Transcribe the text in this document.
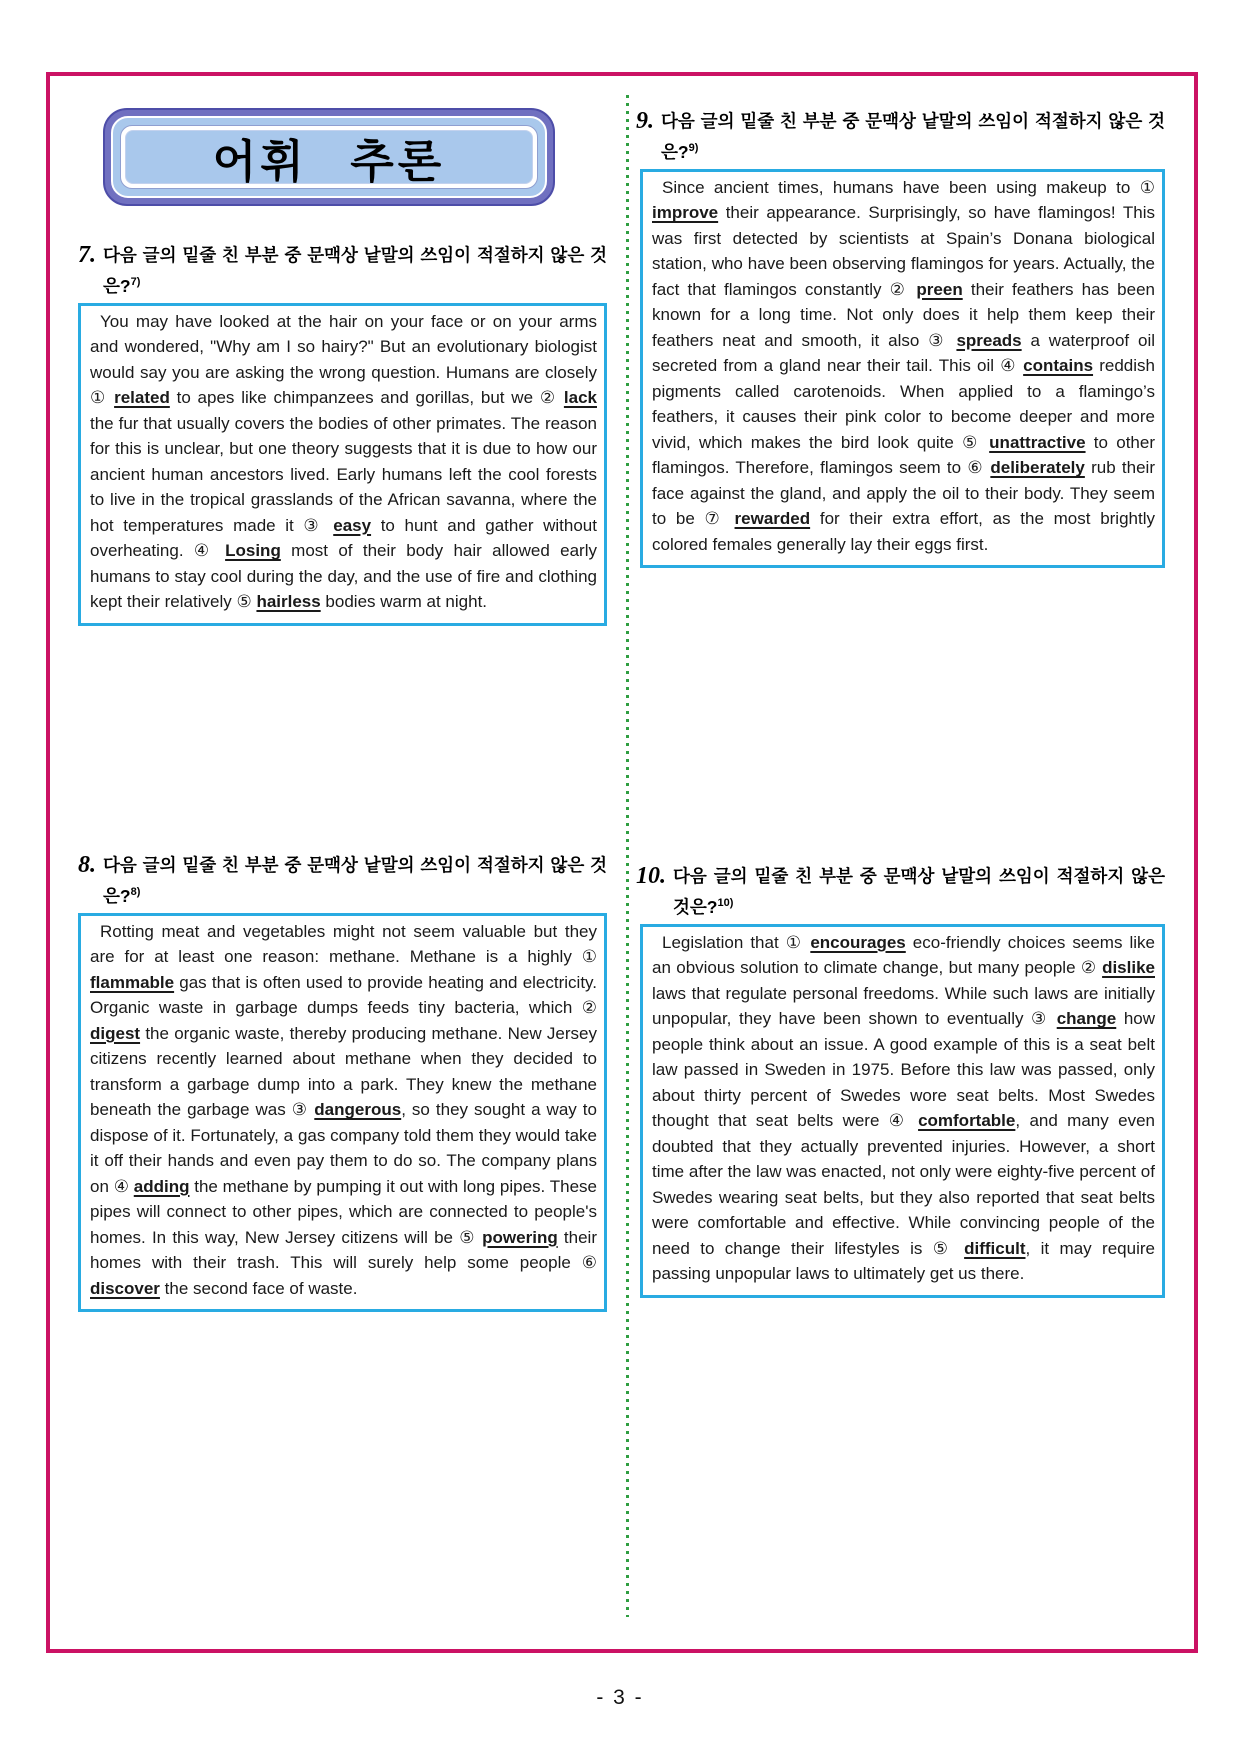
어휘 추론
7. 다음 글의 밑줄 친 부분 중 문맥상 낱말의 쓰임이 적절하지 않은 것은?$^{7)}$

You may have looked at the hair on your face or on your arms and wondered, "Why am I so hairy?" But an evolutionary biologist would say you are asking the wrong question. Humans are closely ① related to apes like chimpanzees and gorillas, but we ② lack the fur that usually covers the bodies of other primates. The reason for this is unclear, but one theory suggests that it is due to how our ancient human ancestors lived. Early humans left the cool forests to live in the tropical grasslands of the African savanna, where the hot temperatures made it ③ easy to hunt and gather without overheating. ④ Losing most of their body hair allowed early humans to stay cool during the day, and the use of fire and clothing kept their relatively ⑤ hairless bodies warm at night.

8. 다음 글의 밑줄 친 부분 중 문맥상 낱말의 쓰임이 적절하지 않은 것은?$^{8)}$

Rotting meat and vegetables might not seem valuable but they are for at least one reason: methane. Methane is a highly ① flammable gas that is often used to provide heating and electricity. Organic waste in garbage dumps feeds tiny bacteria, which ② digest the organic waste, thereby producing methane. New Jersey citizens recently learned about methane when they decided to transform a garbage dump into a park. They knew the methane beneath the garbage was ③ dangerous, so they sought a way to dispose of it. Fortunately, a gas company told them they would take it off their hands and even pay them to do so. The company plans on ④ adding the methane by pumping it out with long pipes. These pipes will connect to other pipes, which are connected to people's homes. In this way, New Jersey citizens will be ⑤ powering their homes with their trash. This will surely help some people ⑥ discover the second face of waste.

9. 다음 글의 밑줄 친 부분 중 문맥상 낱말의 쓰임이 적절하지 않은 것은?$^{9)}$

Since ancient times, humans have been using makeup to ① improve their appearance. Surprisingly, so have flamingos! This was first detected by scientists at Spain’s Donana biological station, who have been observing flamingos for years. Actually, the fact that flamingos constantly ② preen their feathers has been known for a long time. Not only does it help them keep their feathers neat and smooth, it also ③ spreads a waterproof oil secreted from a gland near their tail. This oil ④ contains reddish pigments called carotenoids. When applied to a flamingo’s feathers, it causes their pink color to become deeper and more vivid, which makes the bird look quite ⑤ unattractive to other flamingos. Therefore, flamingos seem to ⑥ deliberately rub their face against the gland, and apply the oil to their body. They seem to be ⑦ rewarded for their extra effort, as the most brightly colored females generally lay their eggs first.

10. 다음 글의 밑줄 친 부분 중 문맥상 낱말의 쓰임이 적절하지 않은 것은?$^{10)}$

Legislation that ① encourages eco-friendly choices seems like an obvious solution to climate change, but many people ② dislike laws that regulate personal freedoms. While such laws are initially unpopular, they have been shown to eventually ③ change how people think about an issue. A good example of this is a seat belt law passed in Sweden in 1975. Before this law was passed, only about thirty percent of Swedes wore seat belts. Most Swedes thought that seat belts were ④ comfortable, and many even doubted that they actually prevented injuries. However, a short time after the law was enacted, not only were eighty-five percent of Swedes wearing seat belts, but they also reported that seat belts were comfortable and effective. While convincing people of the need to change their lifestyles is ⑤ difficult, it may require passing unpopular laws to ultimately get us there.

- 3 -
